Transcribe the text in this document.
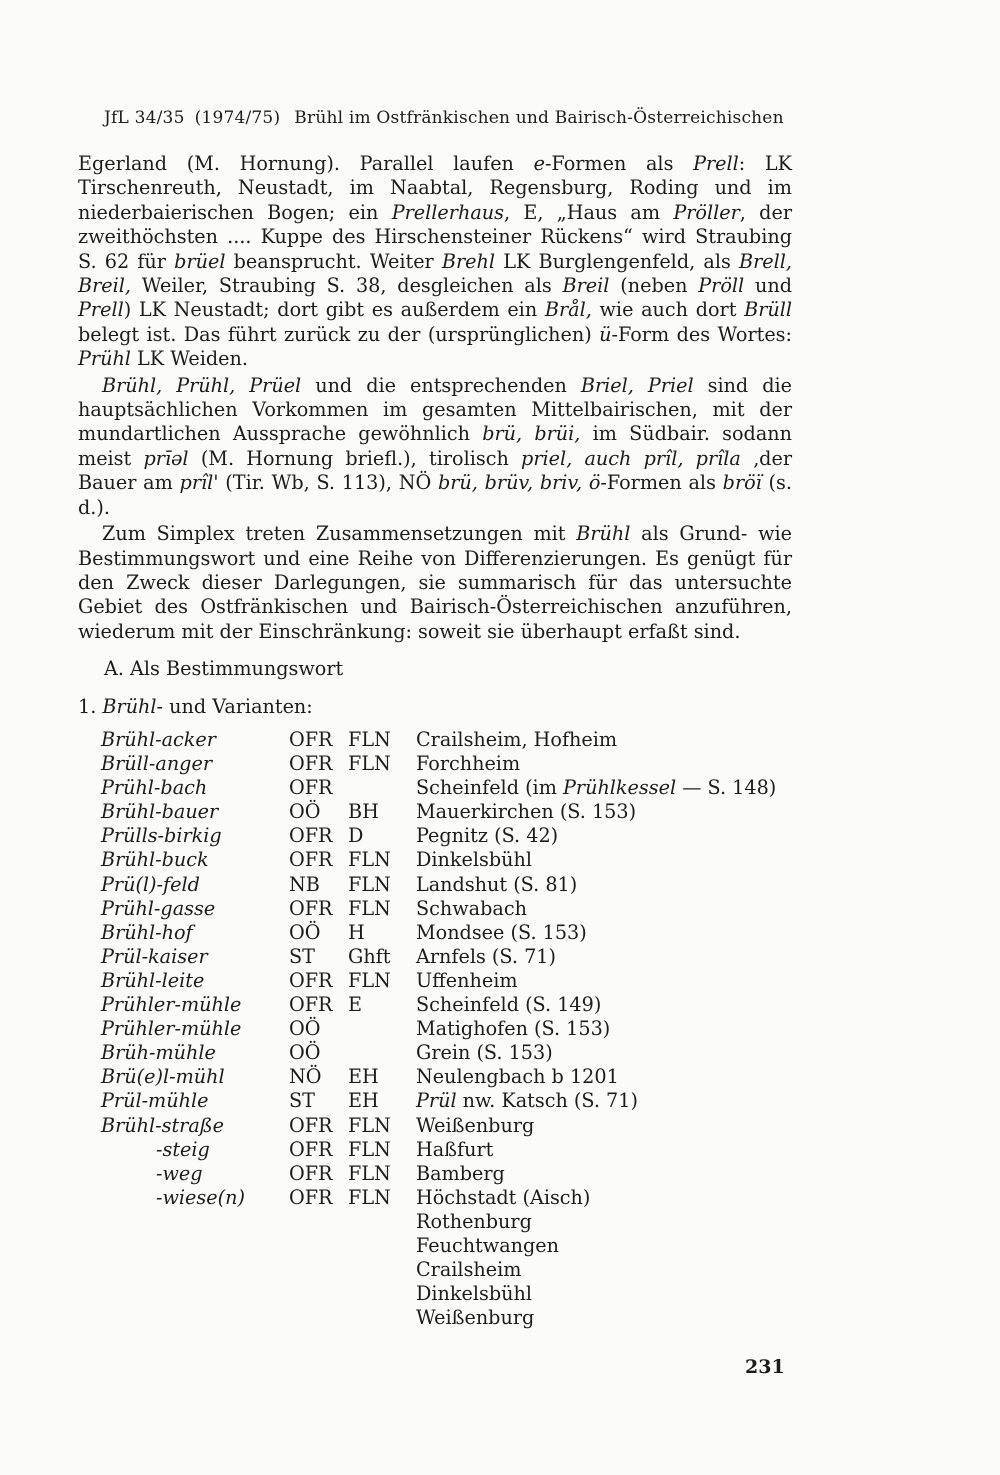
JfL 34/35 (1974/75) Brühl im Ostfränkischen und Bairisch-Österreichischen

Egerland (M. Hornung). Parallel laufen e-Formen als Prell: LK Tirschenreuth, Neustadt, im Naabtal, Regensburg, Roding und im niederbaierischen Bogen; ein Prellerhaus, E, „Haus am Pröller, der zweithöchsten .... Kuppe des Hirschensteiner Rückens“ wird Straubing S. 62 für brüel beansprucht. Weiter Brehl LK Burglengenfeld, als Brell, Breil, Weiler, Straubing S. 38, desgleichen als Breil (neben Pröll und Prell) LK Neustadt; dort gibt es außerdem ein Brål, wie auch dort Brüll belegt ist. Das führt zurück zu der (ursprünglichen) ü-Form des Wortes: Prühl LK Weiden.

Brühl, Prühl, Prüel und die entsprechenden Briel, Priel sind die hauptsächlichen Vorkommen im gesamten Mittelbairischen, mit der mundartlichen Aussprache gewöhnlich brü, brüi, im Südbair. sodann meist prīəl (M. Hornung briefl.), tirolisch priel, auch prîl, prîla ‚der Bauer am prîl' (Tir. Wb, S. 113), NÖ brü, brüv, briv, ö-Formen als bröï (s. d.).

Zum Simplex treten Zusammensetzungen mit Brühl als Grund- wie Bestimmungswort und eine Reihe von Differenzierungen. Es genügt für den Zweck dieser Darlegungen, sie summarisch für das untersuchte Gebiet des Ostfränkischen und Bairisch-Österreichischen anzuführen, wiederum mit der Einschränkung: soweit sie überhaupt erfaßt sind.

A. Als Bestimmungswort
1. Brühl- und Varianten:
Brühl-acker	OFR FLN Crailsheim, Hofheim
Brüll-anger	OFR FLN Forchheim
Prühl-bach	OFR	Scheinfeld (im Prühlkessel — S. 148)
Brühl-bauer	OÖ BH Mauerkirchen (S. 153)
Prülls-birkig	OFR D	Pegnitz (S. 42)
Brühl-buck	OFR FLN Dinkelsbühl
Prü(l)-feld	NB FLN Landshut (S. 81)
Prühl-gasse	OFR FLN Schwabach
Brühl-hof	OÖ H	Mondsee (S. 153)
Prül-kaiser	ST Ghft Arnfels (S. 71)
Brühl-leite	OFR FLN Uffenheim
Prühler-mühle OFR E	Scheinfeld (S. 149)
Prühler-mühle OÖ	Matighofen (S. 153)
Brüh-mühle	OÖ	Grein (S. 153)
Brü(e)l-mühl	NÖ EH Neulengbach b 1201
Prül-mühle	ST EH Prül nw. Katsch (S. 71)
Brühl-straße	OFR FLN Weißenburg
-steig	OFR FLN Haßfurt
-weg	OFR FLN Bamberg
-wiese(n) OFR FLN Höchstadt (Aisch)
Rothenburg
Feuchtwangen
Crailsheim
Dinkelsbühl
Weißenburg
231
